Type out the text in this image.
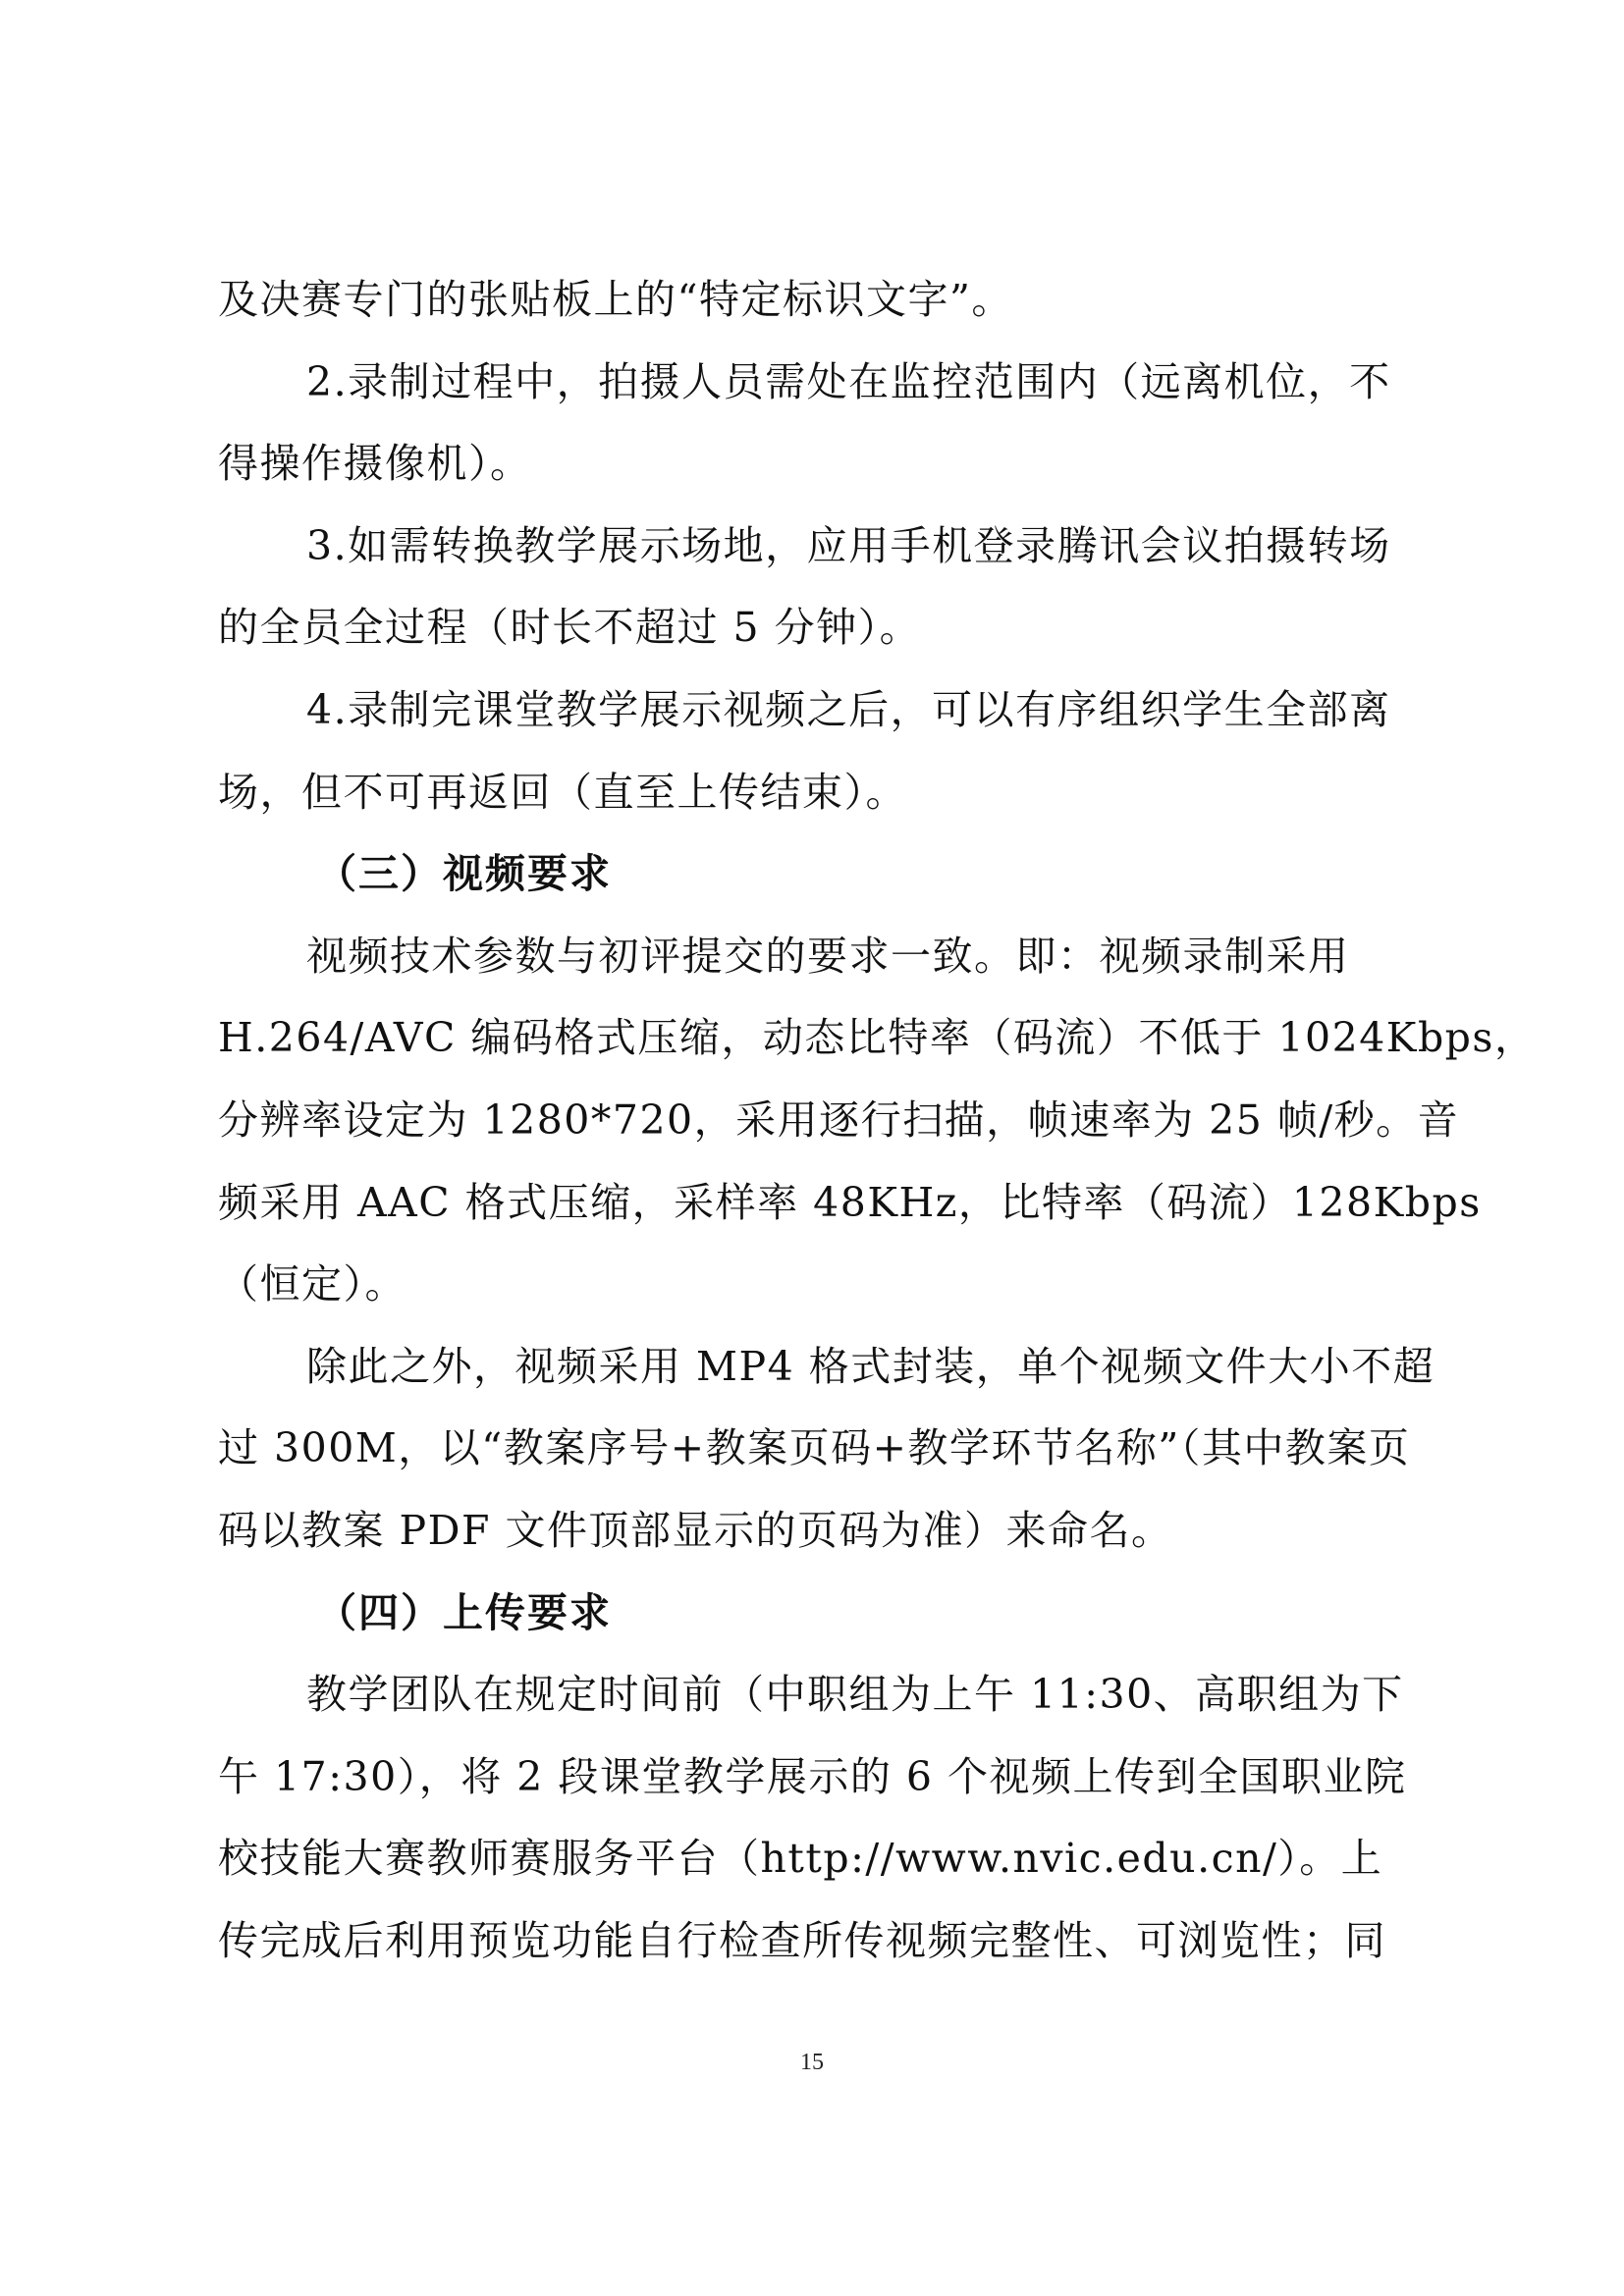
及决赛专门的张贴板上的“特定标识文字”。
2.录制过程中，拍摄人员需处在监控范围内（远离机位，不
得操作摄像机）。
3.如需转换教学展示场地，应用手机登录腾讯会议拍摄转场
的全员全过程（时长不超过 5 分钟）。
4.录制完课堂教学展示视频之后，可以有序组织学生全部离
场，但不可再返回（直至上传结束）。
（三）视频要求
视频技术参数与初评提交的要求一致。即：视频录制采用
H.264/AVC 编码格式压缩，动态比特率（码流）不低于 1024Kbps，
分辨率设定为 1280*720，采用逐行扫描，帧速率为 25 帧/秒。音
频采用 AAC 格式压缩，采样率 48KHz，比特率（码流）128Kbps
（恒定）。
除此之外，视频采用 MP4 格式封装，单个视频文件大小不超
过 300M，以“教案序号+教案页码+教学环节名称”（其中教案页
码以教案 PDF 文件顶部显示的页码为准）来命名。
（四）上传要求
教学团队在规定时间前（中职组为上午 11:30、高职组为下
午 17:30），将 2 段课堂教学展示的 6 个视频上传到全国职业院
校技能大赛教师赛服务平台（http://www.nvic.edu.cn/）。上
传完成后利用预览功能自行检查所传视频完整性、可浏览性；同
15
